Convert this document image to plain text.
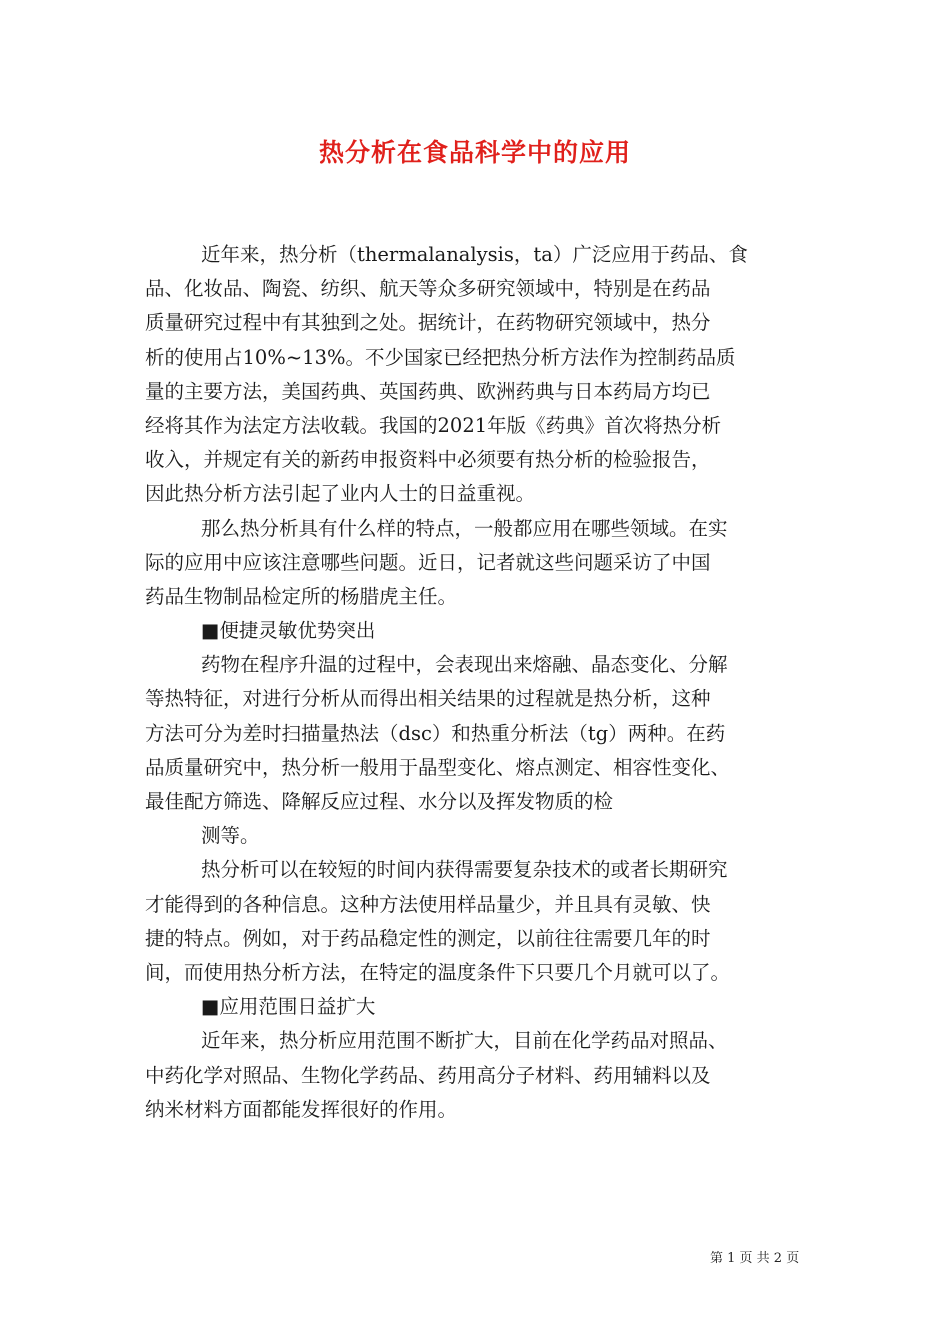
热分析在食品科学中的应用
近年来，热分析（thermalanalysis，ta）广泛应用于药品、食
品、化妆品、陶瓷、纺织、航天等众多研究领域中，特别是在药品
质量研究过程中有其独到之处。据统计，在药物研究领域中，热分
析的使用占10%~13%。不少国家已经把热分析方法作为控制药品质
量的主要方法，美国药典、英国药典、欧洲药典与日本药局方均已
经将其作为法定方法收载。我国的2021年版《药典》首次将热分析
收入，并规定有关的新药申报资料中必须要有热分析的检验报告，
因此热分析方法引起了业内人士的日益重视。
那么热分析具有什么样的特点，一般都应用在哪些领域。在实
际的应用中应该注意哪些问题。近日，记者就这些问题采访了中国
药品生物制品检定所的杨腊虎主任。
■便捷灵敏优势突出
药物在程序升温的过程中，会表现出来熔融、晶态变化、分解
等热特征，对进行分析从而得出相关结果的过程就是热分析，这种
方法可分为差时扫描量热法（dsc）和热重分析法（tg）两种。在药
品质量研究中，热分析一般用于晶型变化、熔点测定、相容性变化、
最佳配方筛选、降解反应过程、水分以及挥发物质的检
测等。
热分析可以在较短的时间内获得需要复杂技术的或者长期研究
才能得到的各种信息。这种方法使用样品量少，并且具有灵敏、快
捷的特点。例如，对于药品稳定性的测定，以前往往需要几年的时
间，而使用热分析方法，在特定的温度条件下只要几个月就可以了。
■应用范围日益扩大
近年来，热分析应用范围不断扩大，目前在化学药品对照品、
中药化学对照品、生物化学药品、药用高分子材料、药用辅料以及
纳米材料方面都能发挥很好的作用。
第 1 页 共 2 页
